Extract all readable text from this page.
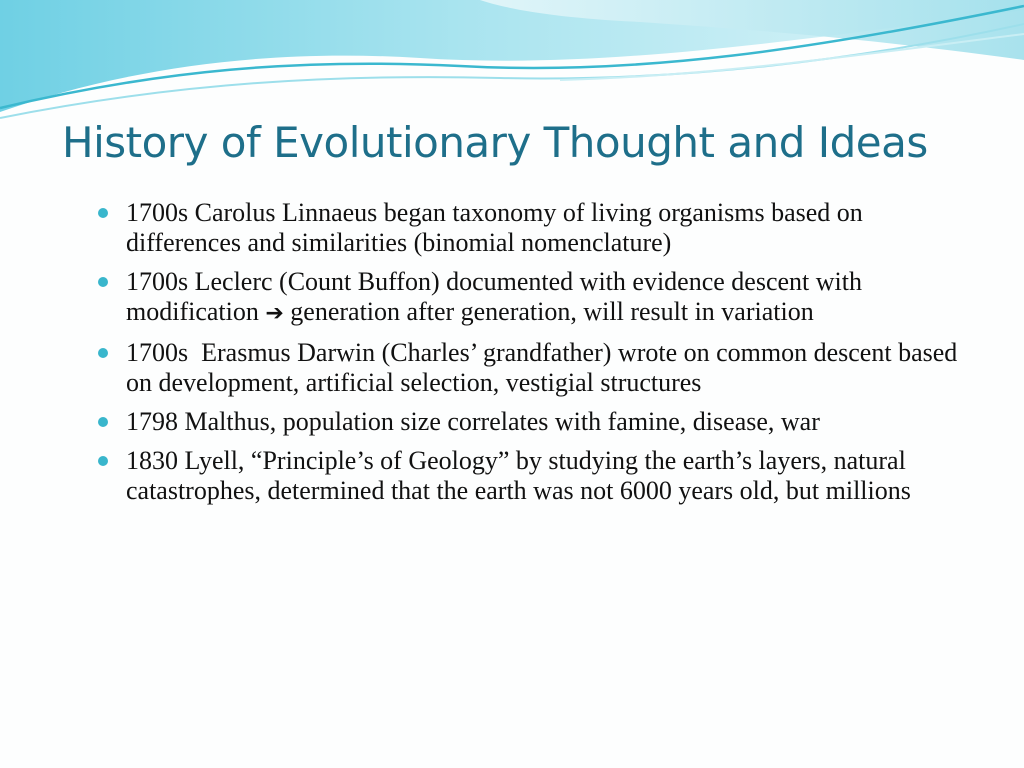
History of Evolutionary Thought and Ideas
1700s Carolus Linnaeus began taxonomy of living organisms based on differences and similarities (binomial nomenclature)
1700s Leclerc (Count Buffon) documented with evidence descent with modification ➔ generation after generation, will result in variation
1700s  Erasmus Darwin (Charles’ grandfather) wrote on common descent based on development, artificial selection, vestigial structures
1798 Malthus, population size correlates with famine, disease, war
1830 Lyell, “Principle’s of Geology” by studying the earth’s layers, natural catastrophes, determined that the earth was not 6000 years old, but millions
